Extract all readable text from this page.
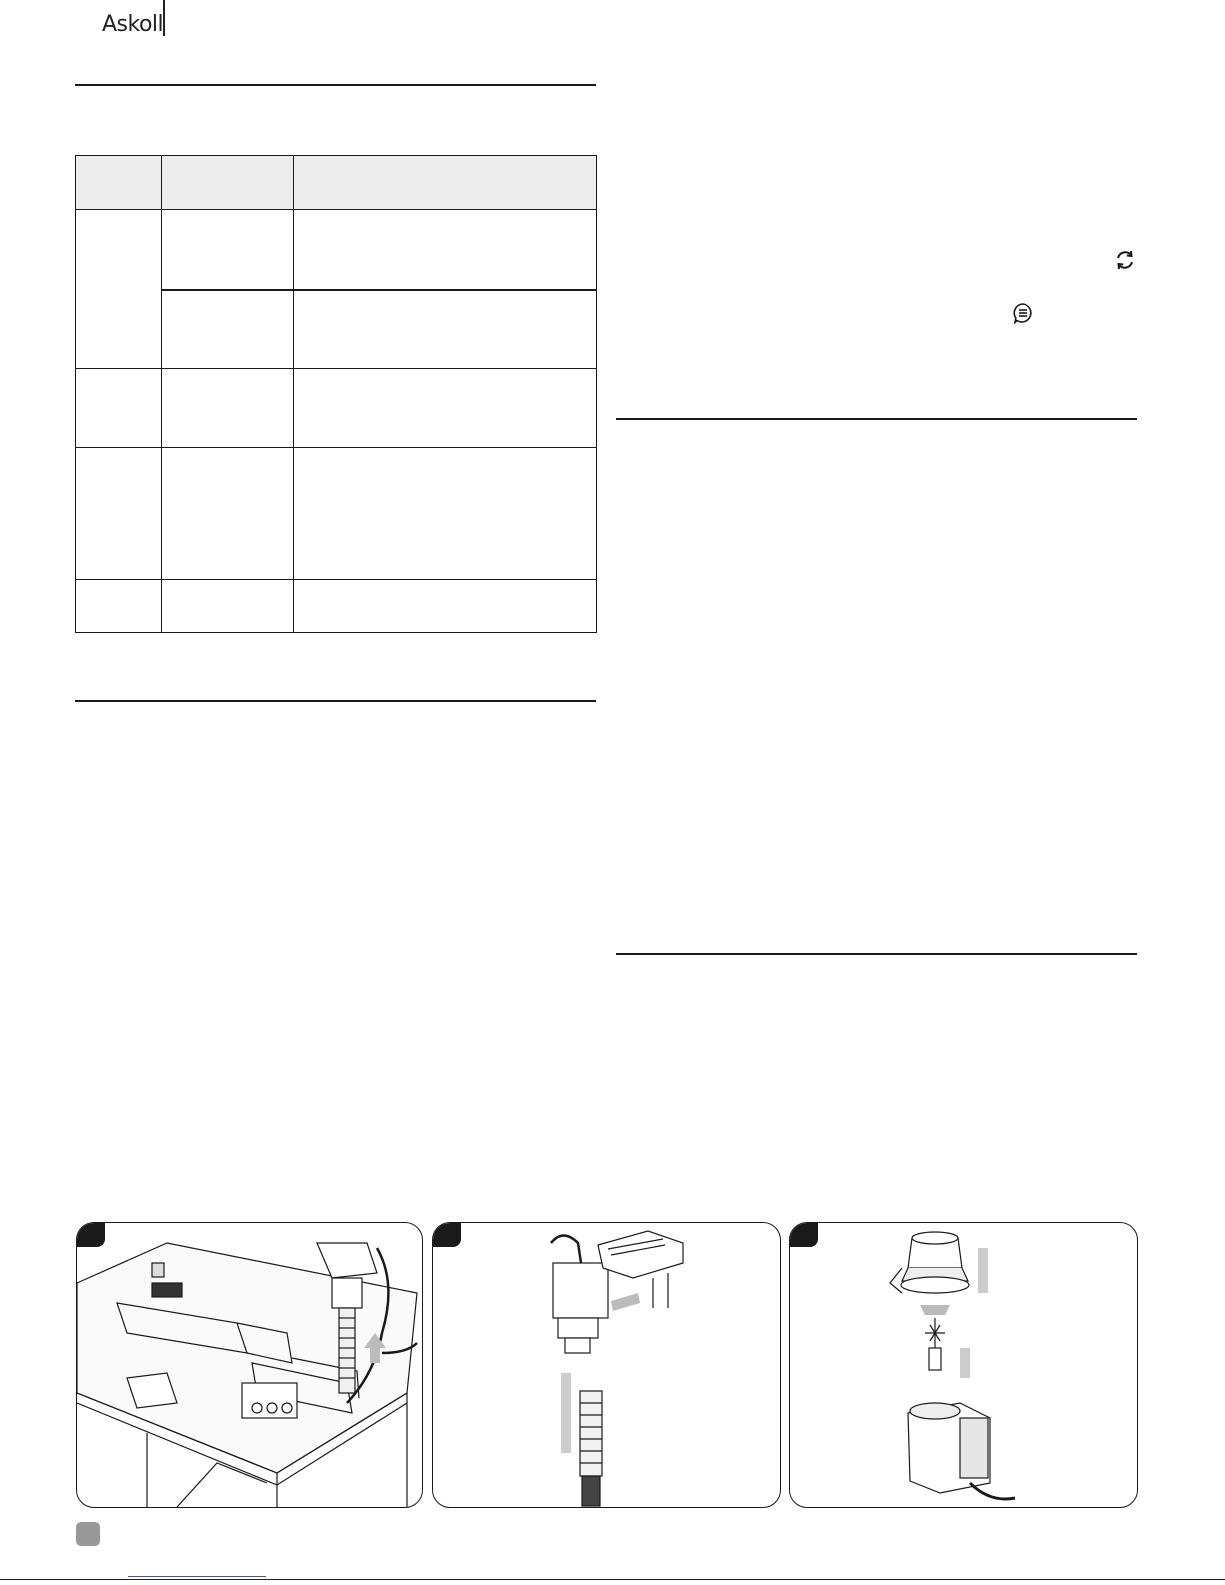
Askoll
